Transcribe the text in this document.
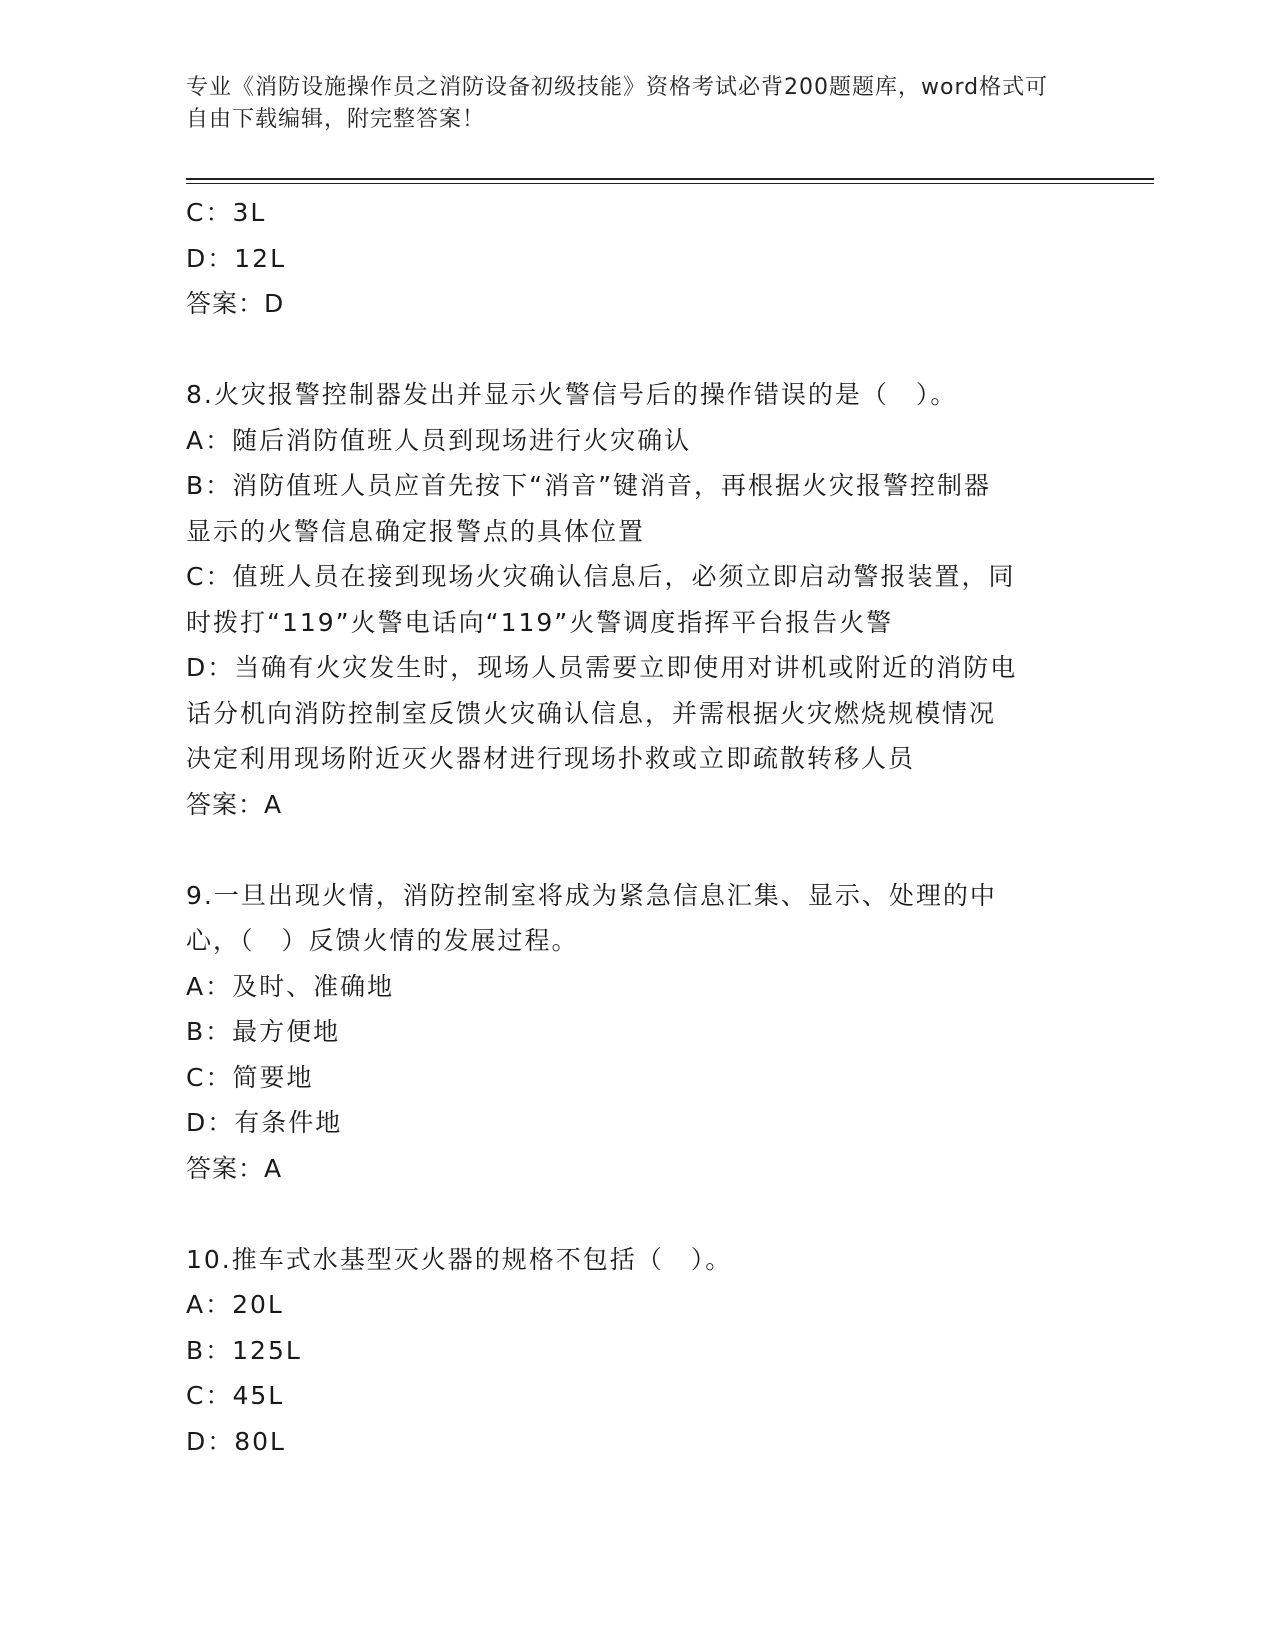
专业《消防设施操作员之消防设备初级技能》资格考试必背200题题库，word格式可自由下载编辑，附完整答案！
C：3L
D：12L
答案：D
8.火灾报警控制器发出并显示火警信号后的操作错误的是（　）。
A：随后消防值班人员到现场进行火灾确认
B：消防值班人员应首先按下“消音”键消音，再根据火灾报警控制器
显示的火警信息确定报警点的具体位置
C：值班人员在接到现场火灾确认信息后，必须立即启动警报装置，同
时拨打“119”火警电话向“119”火警调度指挥平台报告火警
D：当确有火灾发生时，现场人员需要立即使用对讲机或附近的消防电
话分机向消防控制室反馈火灾确认信息，并需根据火灾燃烧规模情况
决定利用现场附近灭火器材进行现场扑救或立即疏散转移人员
答案：A
9.一旦出现火情，消防控制室将成为紧急信息汇集、显示、处理的中
心，（　）反馈火情的发展过程。
A：及时、准确地
B：最方便地
C：简要地
D：有条件地
答案：A
10.推车式水基型灭火器的规格不包括（　）。
A：20L
B：125L
C：45L
D：80L
